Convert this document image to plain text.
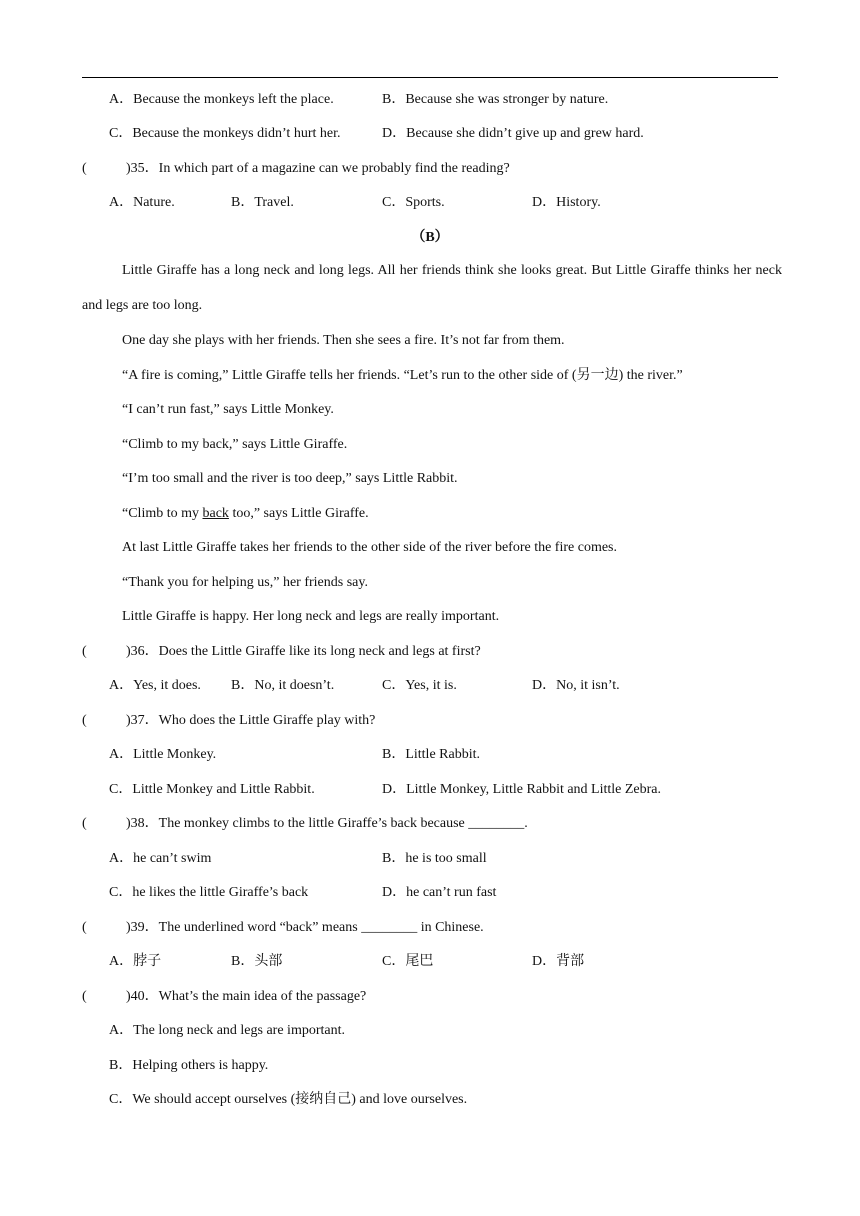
A．Because the monkeys left the place.	B．Because she was stronger by nature.
C．Because the monkeys didn’t hurt her.	D．Because she didn’t give up and grew hard.
(	)35．In which part of a magazine can we probably find the reading?
A．Nature.	B．Travel.	C．Sports.	D．History.
（B）
Little Giraffe has a long neck and long legs. All her friends think she looks great. But Little Giraffe thinks her neck and legs are too long.
One day she plays with her friends. Then she sees a fire. It’s not far from them.
“A fire is coming,” Little Giraffe tells her friends. “Let’s run to the other side of (另一边) the river.”
“I can’t run fast,” says Little Monkey.
“Climb to my back,” says Little Giraffe.
“I’m too small and the river is too deep,” says Little Rabbit.
“Climb to my back too,” says Little Giraffe.
At last Little Giraffe takes her friends to the other side of the river before the fire comes.
“Thank you for helping us,” her friends say.
Little Giraffe is happy. Her long neck and legs are really important.
(	)36．Does the Little Giraffe like its long neck and legs at first?
A．Yes, it does. B．No, it doesn’t.	C．Yes, it is.	D．No, it isn’t.
(	)37．Who does the Little Giraffe play with?
A．Little Monkey.	B．Little Rabbit.
C．Little Monkey and Little Rabbit.	D．Little Monkey, Little Rabbit and Little Zebra.
(	)38．The monkey climbs to the little Giraffe’s back because ________.
A．he can’t swim	B．he is too small
C．he likes the little Giraffe’s back	D．he can’t run fast
(	)39．The underlined word “back” means ________ in Chinese.
A．脖子	B．头部	C．尾巴	D．背部
(	)40．What’s the main idea of the passage?
A．The long neck and legs are important.
B．Helping others is happy.
C．We should accept ourselves (接纳自己) and love ourselves.
